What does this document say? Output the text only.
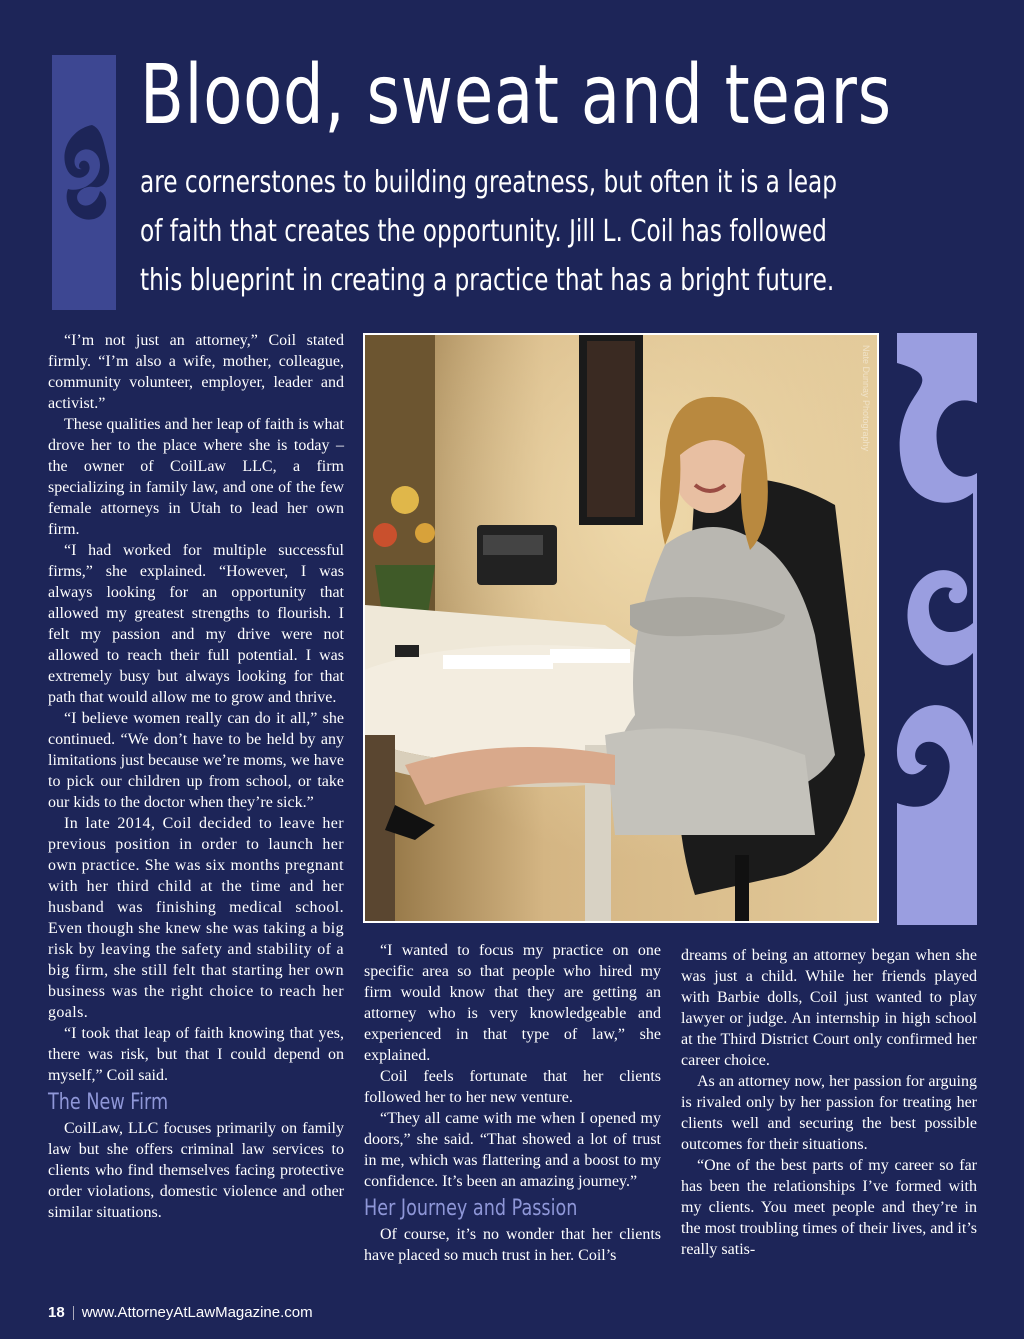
Blood, sweat and tears
are cornerstones to building greatness, but often it is a leap
of faith that creates the opportunity. Jill L. Coil has followed
this blueprint in creating a practice that has a bright future.
Nate Dunnay Photography

“I’m not just an attorney,” Coil stated firmly. “I’m also a wife, mother, colleague, community volunteer, employer, leader and activist.”

These qualities and her leap of faith is what drove her to the place where she is today – the owner of CoilLaw LLC, a firm specializing in family law, and one of the few female attorneys in Utah to lead her own firm.

“I had worked for multiple successful firms,” she explained. “However, I was always looking for an opportunity that allowed my greatest strengths to flourish. I felt my passion and my drive were not allowed to reach their full potential. I was extremely busy but always looking for that path that would allow me to grow and thrive.

“I believe women really can do it all,” she continued. “We don’t have to be held by any limitations just because we’re moms, we have to pick our children up from school, or take our kids to the doctor when they’re sick.”

In late 2014, Coil decided to leave her previous position in order to launch her own practice. She was six months pregnant with her third child at the time and her husband was finishing medical school. Even though she knew she was taking a big risk by leaving the safety and stability of a big firm, she still felt that starting her own business was the right choice to reach her goals.

“I took that leap of faith knowing that yes, there was risk, but that I could depend on myself,” Coil said.

The New Firm

CoilLaw, LLC focuses primarily on family law but she offers criminal law services to clients who find themselves facing protective order violations, domestic violence and other similar situations.

“I wanted to focus my practice on one specific area so that people who hired my firm would know that they are getting an attorney who is very knowledgeable and experienced in that type of law,” she explained.

Coil feels fortunate that her clients followed her to her new venture.

“They all came with me when I opened my doors,” she said. “That showed a lot of trust in me, which was flattering and a boost to my confidence. It’s been an amazing journey.”

Her Journey and Passion

Of course, it’s no wonder that her clients have placed so much trust in her. Coil’s

dreams of being an attorney began when she was just a child. While her friends played with Barbie dolls, Coil just wanted to play lawyer or judge. An internship in high school at the Third District Court only confirmed her career choice.

As an attorney now, her passion for arguing is rivaled only by her passion for treating her clients well and securing the best possible outcomes for their situations.

“One of the best parts of my career so far has been the relationships I’ve formed with my clients. You meet people and they’re in the most troubling times of their lives, and it’s really satis-

18 www.AttorneyAtLawMagazine.com
